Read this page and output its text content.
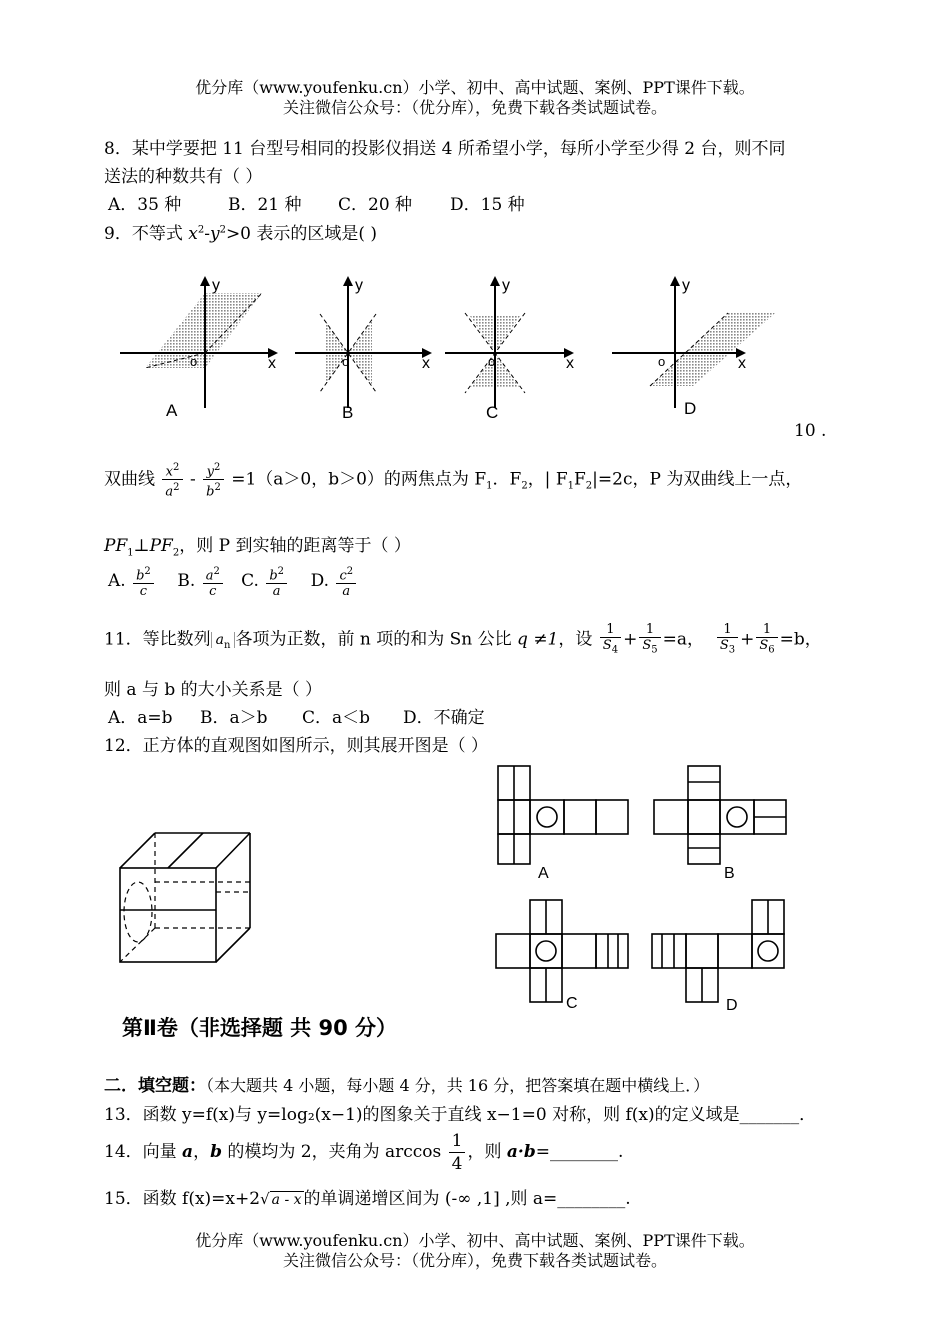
优分库（www.youfenku.cn）小学、初中、高中试题、案例、PPT课件下载。
关注微信公众号：（优分库），免费下载各类试题试卷。
8．某中学要把 11 台型号相同的投影仪捐送 4 所希望小学，每所小学至少得 2 台，则不同
送法的种数共有（ ）
A．35 种	B．21 种 C．20 种 D．15 种
9．不等式 $x^2-y^2>0$ 表示的区域是( )
y
x
o
A
y
x
o
B
y
x
o
C
y
x
o
D
10 .
双曲线 $\frac{x^2}{a^2} - \frac{y^2}{b^2} =1(a>0$，b＞0）的两焦点为 $F_1$．$F_2$，| $F_1F_2|=2c$，P 为双曲线上一点，
$PF_1\perp PF_2$，则 P 到实轴的距离等于（ ）
A. $\frac{b^2}{c} B$. $\frac{a^2}{c} C$. $\frac{b^2}{a} D$. $\frac{c^2}{a}$
11．等比数列 $a_n$ 各项为正数，前 n 项的和为 Sn 公比 q ≠1，设 $\frac{1}{S_4} + \frac{1}{S_5} =a$， $\frac{1}{S_3} + \frac{1}{S_6} =b$，
则 a 与 b 的大小关系是（ ）
A．a=b B．a＞b C．a＜b D．不确定
12．正方体的直观图如图所示，则其展开图是（ ）
A	B
C	D
第Ⅱ卷（非选择题 共 90 分）
二．填空题：（本大题共 4 小题，每小题 4 分，共 16 分，把答案填在题中横线上．）
13．函数 y=f(x)与 y=log₂(x−1)的图象关于直线 x−1=0 对称，则 f(x)的定义域是_______．
14．向量 a，b 的模均为 2，夹角为 $\arccos \frac{1}{4}$ ，则 a·b=________.
15．函数 f(x)=x+2√ a - x 的单调递增区间为 (-∞ ,1] ,则 a=________.
优分库（www.youfenku.cn）小学、初中、高中试题、案例、PPT课件下载。
关注微信公众号：（优分库），免费下载各类试题试卷。
